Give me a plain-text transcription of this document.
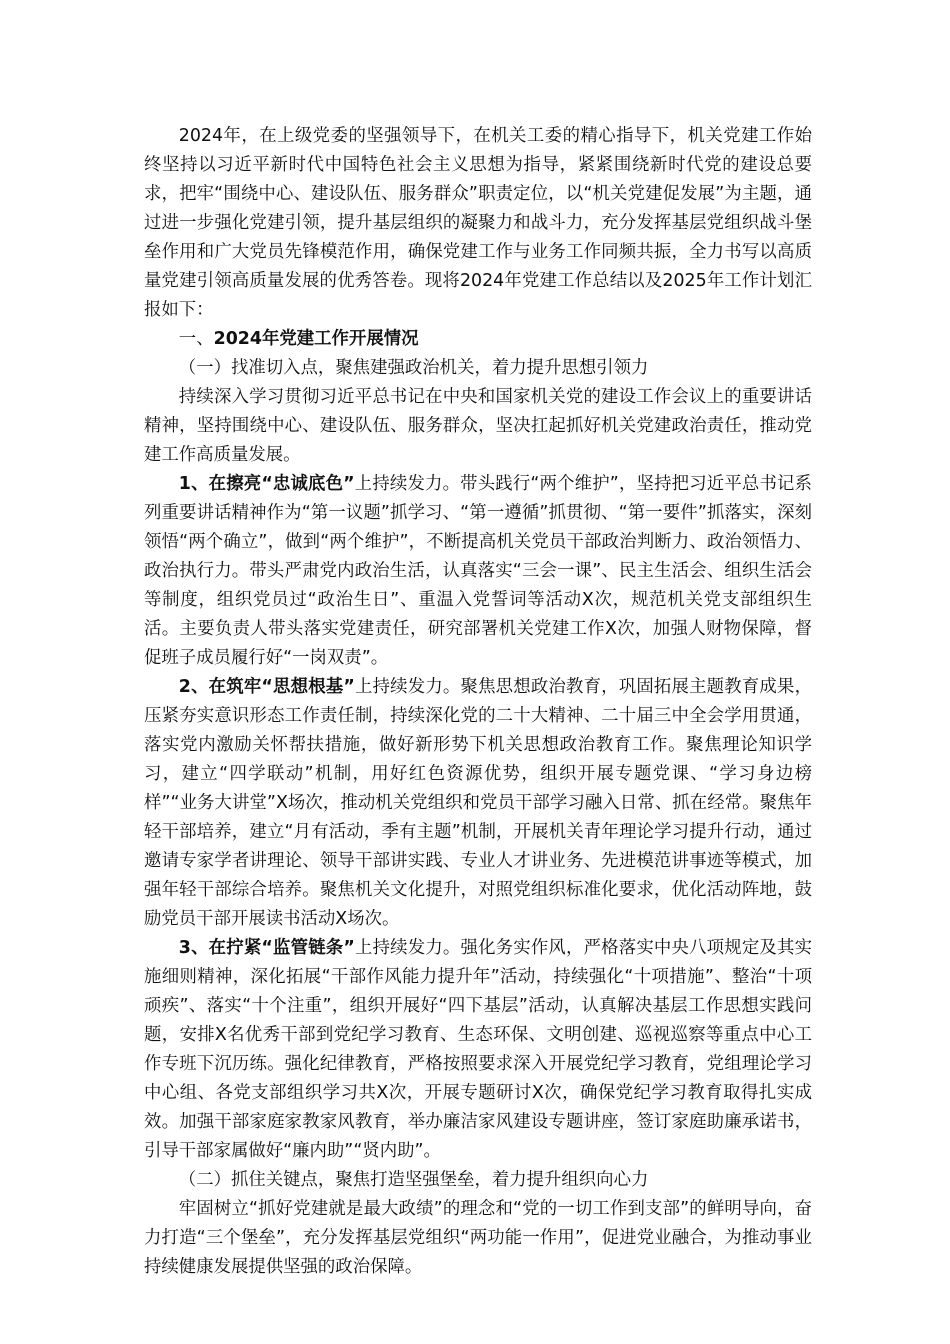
2024年，在上级党委的坚强领导下，在机关工委的精心指导下，机关党建工作始终坚持以习近平新时代中国特色社会主义思想为指导，紧紧围绕新时代党的建设总要求，把牢“围绕中心、建设队伍、服务群众”职责定位，以“机关党建促发展”为主题，通过进一步强化党建引领，提升基层组织的凝聚力和战斗力，充分发挥基层党组织战斗堡垒作用和广大党员先锋模范作用，确保党建工作与业务工作同频共振，全力书写以高质量党建引领高质量发展的优秀答卷。现将2024年党建工作总结以及2025年工作计划汇报如下：

一、2024年党建工作开展情况

（一）找准切入点，聚焦建强政治机关，着力提升思想引领力

持续深入学习贯彻习近平总书记在中央和国家机关党的建设工作会议上的重要讲话精神，坚持围绕中心、建设队伍、服务群众，坚决扛起抓好机关党建政治责任，推动党建工作高质量发展。

1、在擦亮“忠诚底色”上持续发力。带头践行“两个维护”，坚持把习近平总书记系列重要讲话精神作为“第一议题”抓学习、“第一遵循”抓贯彻、“第一要件”抓落实，深刻领悟“两个确立”，做到“两个维护”，不断提高机关党员干部政治判断力、政治领悟力、政治执行力。带头严肃党内政治生活，认真落实“三会一课”、民主生活会、组织生活会等制度，组织党员过“政治生日”、重温入党誓词等活动X次，规范机关党支部组织生活。主要负责人带头落实党建责任，研究部署机关党建工作X次，加强人财物保障，督促班子成员履行好“一岗双责”。

2、在筑牢“思想根基”上持续发力。聚焦思想政治教育，巩固拓展主题教育成果，压紧夯实意识形态工作责任制，持续深化党的二十大精神、二十届三中全会学用贯通，落实党内激励关怀帮扶措施，做好新形势下机关思想政治教育工作。聚焦理论知识学习，建立“四学联动”机制，用好红色资源优势，组织开展专题党课、“学习身边榜样”“业务大讲堂”X场次，推动机关党组织和党员干部学习融入日常、抓在经常。聚焦年轻干部培养，建立“月有活动，季有主题”机制，开展机关青年理论学习提升行动，通过邀请专家学者讲理论、领导干部讲实践、专业人才讲业务、先进模范讲事迹等模式，加强年轻干部综合培养。聚焦机关文化提升，对照党组织标准化要求，优化活动阵地，鼓励党员干部开展读书活动X场次。

3、在拧紧“监管链条”上持续发力。强化务实作风，严格落实中央八项规定及其实施细则精神，深化拓展“干部作风能力提升年”活动，持续强化“十项措施”、整治“十项顽疾”、落实“十个注重”，组织开展好“四下基层”活动，认真解决基层工作思想实践问题，安排X名优秀干部到党纪学习教育、生态环保、文明创建、巡视巡察等重点中心工作专班下沉历练。强化纪律教育，严格按照要求深入开展党纪学习教育，党组理论学习中心组、各党支部组织学习共X次，开展专题研讨X次，确保党纪学习教育取得扎实成效。加强干部家庭家教家风教育，举办廉洁家风建设专题讲座，签订家庭助廉承诺书，引导干部家属做好“廉内助”“贤内助”。

（二）抓住关键点，聚焦打造坚强堡垒，着力提升组织向心力

牢固树立“抓好党建就是最大政绩”的理念和“党的一切工作到支部”的鲜明导向，奋力打造“三个堡垒”，充分发挥基层党组织“两功能一作用”，促进党业融合，为推动事业持续健康发展提供坚强的政治保障。
